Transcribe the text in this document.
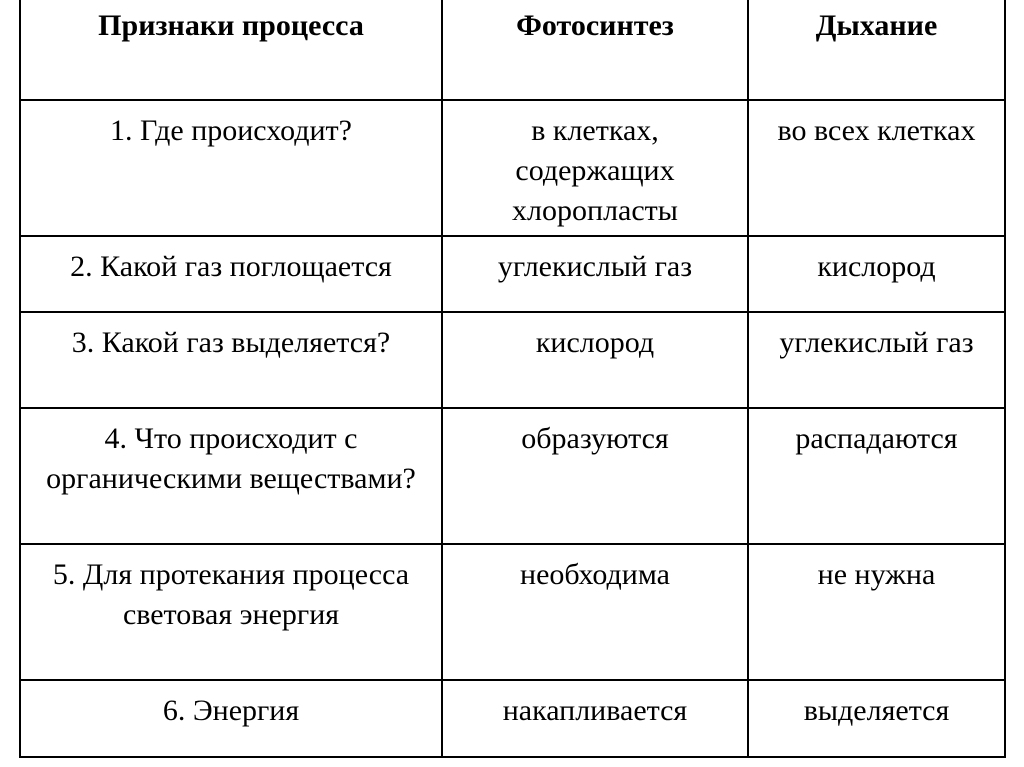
Признаки процесса	Фотосинтез	Дыхание
1. Где происходит?	в клетках, содержащих хлоропласты	во всех клетках
2. Какой газ поглощается	углекислый газ	кислород
3. Какой газ выделяется?	кислород	углекислый газ
4. Что происходит с органическими веществами?	образуются	распадаются
5. Для протекания процесса световая энергия	необходима	не нужна
6. Энергия	накапливается	выделяется
